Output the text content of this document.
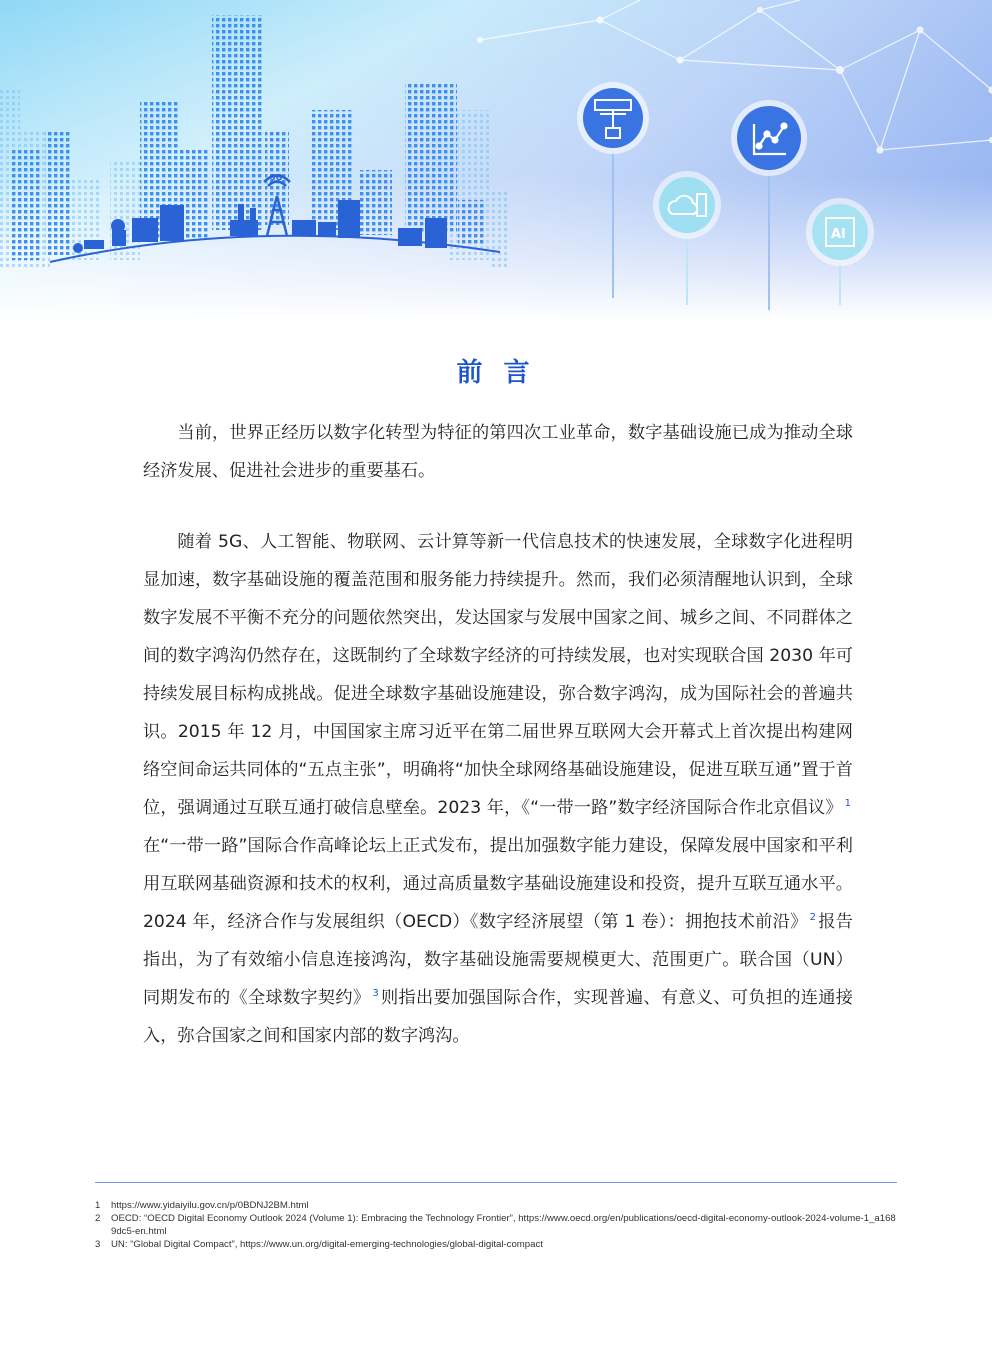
5G
AI
前 言

当前，世界正经历以数字化转型为特征的第四次工业革命，数字基础设施已成为推动全球经济发展、促进社会进步的重要基石。

随着 5G、人工智能、物联网、云计算等新一代信息技术的快速发展，全球数字化进程明显加速，数字基础设施的覆盖范围和服务能力持续提升。然而，我们必须清醒地认识到，全球数字发展不平衡不充分的问题依然突出，发达国家与发展中国家之间、城乡之间、不同群体之间的数字鸿沟仍然存在，这既制约了全球数字经济的可持续发展，也对实现联合国 2030 年可持续发展目标构成挑战。促进全球数字基础设施建设，弥合数字鸿沟，成为国际社会的普遍共识。2015 年 12 月，中国国家主席习近平在第二届世界互联网大会开幕式上首次提出构建网络空间命运共同体的“五点主张”，明确将“加快全球网络基础设施建设，促进互联互通”置于首位，强调通过互联互通打破信息壁垒。2023 年，《“一带一路”数字经济国际合作北京倡议》 $^1$在“一带一路”国际合作高峰论坛上正式发布，提出加强数字能力建设，保障发展中国家和平利用互联网基础资源和技术的权利，通过高质量数字基础设施建设和投资，提升互联互通水平。2024 年，经济合作与发展组织（OECD）《数字经济展望（第 1 卷）：拥抱技术前沿》 $^2$ 报告指出，为了有效缩小信息连接鸿沟，数字基础设施需要规模更大、范围更广。联合国（UN）同期发布的《全球数字契约》 $^3$ 则指出要加强国际合作，实现普遍、有意义、可负担的连通接入，弥合国家之间和国家内部的数字鸿沟。

1	https://www.yidaiyilu.gov.cn/p/0BDNJ2BM.html

2	OECD: “OECD Digital Economy Outlook 2024 (Volume 1): Embracing the Technology Frontier”, https://www.oecd.org/en/publications/oecd-digital-economy-outlook-2024-volume-1_a1689dc5-en.html

3	UN: “Global Digital Compact”, https://www.un.org/digital-emerging-technologies/global-digital-compact
